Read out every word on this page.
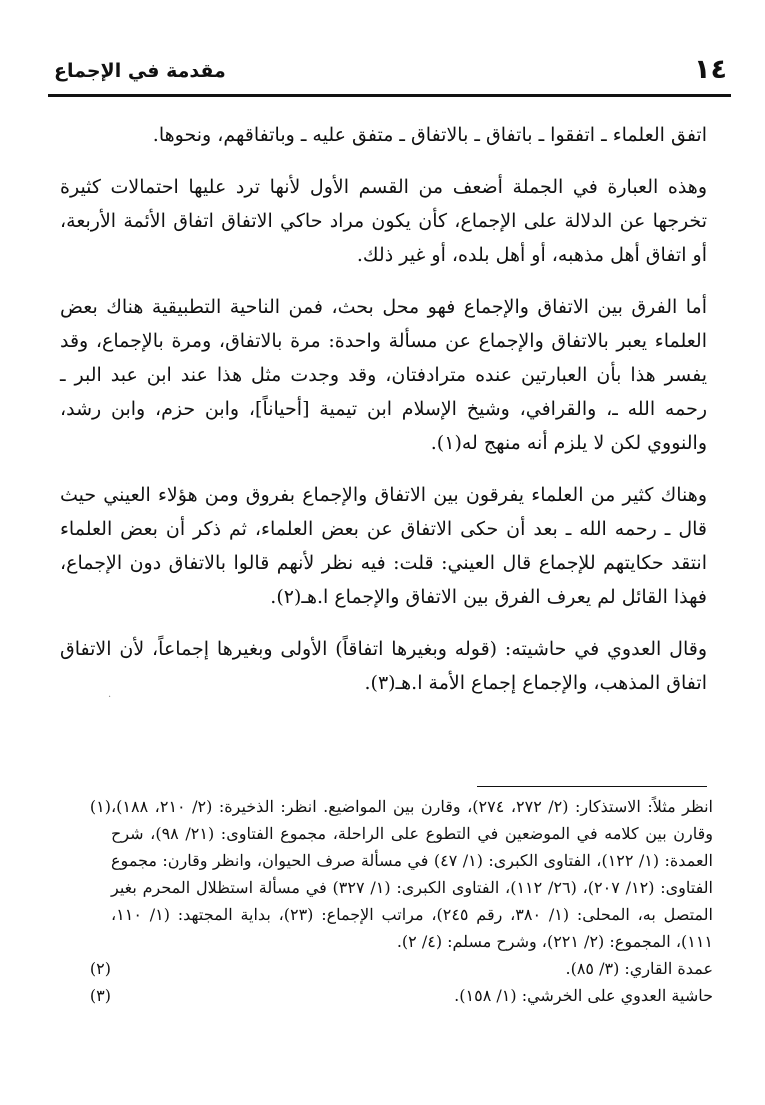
١٤
مقدمة في الإجماع

اتفق العلماء ـ اتفقوا ـ باتفاق ـ بالاتفاق ـ متفق عليه ـ وباتفاقهم، ونحوها.

وهذه العبارة في الجملة أضعف من القسم الأول لأنها ترد عليها احتمالات كثيرة تخرجها عن الدلالة على الإجماع، كأن يكون مراد حاكي الاتفاق اتفاق الأئمة الأربعة، أو اتفاق أهل مذهبه، أو أهل بلده، أو غير ذلك.

أما الفرق بين الاتفاق والإجماع فهو محل بحث، فمن الناحية التطبيقية هناك بعض العلماء يعبر بالاتفاق والإجماع عن مسألة واحدة: مرة بالاتفاق، ومرة بالإجماع، وقد يفسر هذا بأن العبارتين عنده مترادفتان، وقد وجدت مثل هذا عند ابن عبد البر ـ رحمه الله ـ، والقرافي، وشيخ الإسلام ابن تيمية [أحياناً]، وابن حزم، وابن رشد، والنووي لكن لا يلزم أنه منهج له(١).

وهناك كثير من العلماء يفرقون بين الاتفاق والإجماع بفروق ومن هؤلاء العيني حيث قال ـ رحمه الله ـ بعد أن حكى الاتفاق عن بعض العلماء، ثم ذكر أن بعض العلماء انتقد حكايتهم للإجماع قال العيني: قلت: فيه نظر لأنهم قالوا بالاتفاق دون الإجماع، فهذا القائل لم يعرف الفرق بين الاتفاق والإجماع ا.هـ(٢).

وقال العدوي في حاشيته: (قوله وبغيرها اتفاقاً) الأولى وبغيرها إجماعاً، لأن الاتفاق اتفاق المذهب، والإجماع إجماع الأمة ا.هـ(٣).

·
(١) انظر مثلاً: الاستذكار: (٢/ ٢٧٢، ٢٧٤)، وقارن بين المواضيع. انظر: الذخيرة: (٢/ ٢١٠، ١٨٨)، وقارن بين كلامه في الموضعين في التطوع على الراحلة، مجموع الفتاوى: (٢١/ ٩٨)، شرح العمدة: (١/ ١٢٢)، الفتاوى الكبرى: (١/ ٤٧) في مسألة صرف الحيوان، وانظر وقارن: مجموع الفتاوى: (١٢/ ٢٠٧)، (٢٦/ ١١٢)، الفتاوى الكبرى: (١/ ٣٢٧) في مسألة استظلال المحرم بغير المتصل به، المحلى: (١/ ٣٨٠، رقم ٢٤٥)، مراتب الإجماع: (٢٣)، بداية المجتهد: (١/ ١١٠، ١١١)، المجموع: (٢/ ٢٢١)، وشرح مسلم: (٤/ ٢).
(٢)	عمدة القاري: (٣/ ٨٥).
(٣)	حاشية العدوي على الخرشي: (١/ ١٥٨).
